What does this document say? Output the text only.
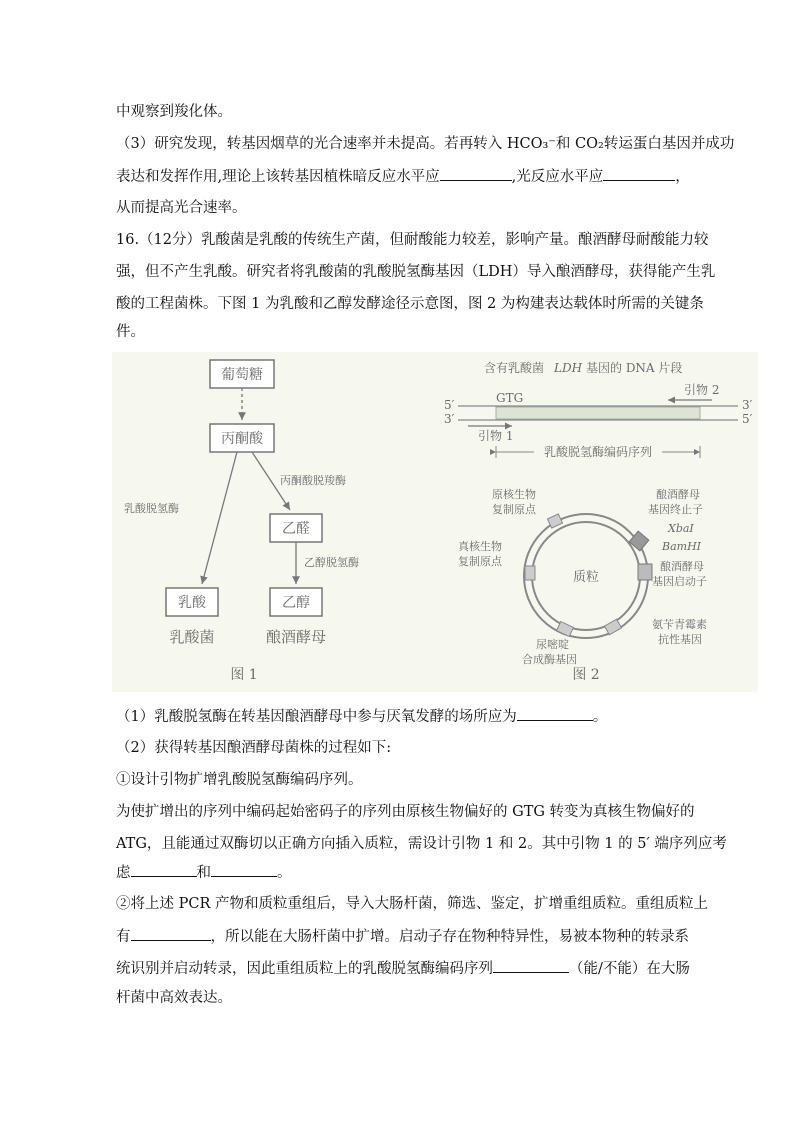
中观察到羧化体。
（3）研究发现，转基因烟草的光合速率并未提高。若再转入 HCO₃⁻和 CO₂转运蛋白基因并成功
表达和发挥作用,理论上该转基因植株暗反应水平应	,光反应水平应	，
从而提高光合速率。
16.（12分）乳酸菌是乳酸的传统生产菌，但耐酸能力较差，影响产量。酿酒酵母耐酸能力较
强，但不产生乳酸。研究者将乳酸菌的乳酸脱氢酶基因（LDH）导入酿酒酵母，获得能产生乳
酸的工程菌株。下图 1 为乳酸和乙醇发酵途径示意图，图 2 为构建表达载体时所需的关键条
件。
葡萄糖
丙酮酸
乳酸脱氢酶
丙酮酸脱羧酶
乙醛
乙醇脱氢酶
乳酸	乙醇
乳酸菌	酿酒酵母
图 1
含有乳酸菌 LDH 基因的 DNA 片段
5′
3′
3′
5′
GTG
引物 2
引物 1
乳酸脱氢酶编码序列
质粒
原核生物复制原点
真核生物复制原点
尿嘧啶合成酶基因
酿酒酵母基因终止子
XbaI
BamHI
酿酒酵母基因启动子
氨苄青霉素抗性基因
图 2
（1）乳酸脱氢酶在转基因酿酒酵母中参与厌氧发酵的场所应为	。
（2）获得转基因酿酒酵母菌株的过程如下:
①设计引物扩增乳酸脱氢酶编码序列。
为使扩增出的序列中编码起始密码子的序列由原核生物偏好的 GTG 转变为真核生物偏好的
ATG，且能通过双酶切以正确方向插入质粒，需设计引物 1 和 2。其中引物 1 的 5′ 端序列应考
虑	和	。
②将上述 PCR 产物和质粒重组后，导入大肠杆菌，筛选、鉴定，扩增重组质粒。重组质粒上
有	，所以能在大肠杆菌中扩增。启动子存在物种特异性，易被本物种的转录系
统识别并启动转录，因此重组质粒上的乳酸脱氢酶编码序列	（能/不能）在大肠
杆菌中高效表达。
